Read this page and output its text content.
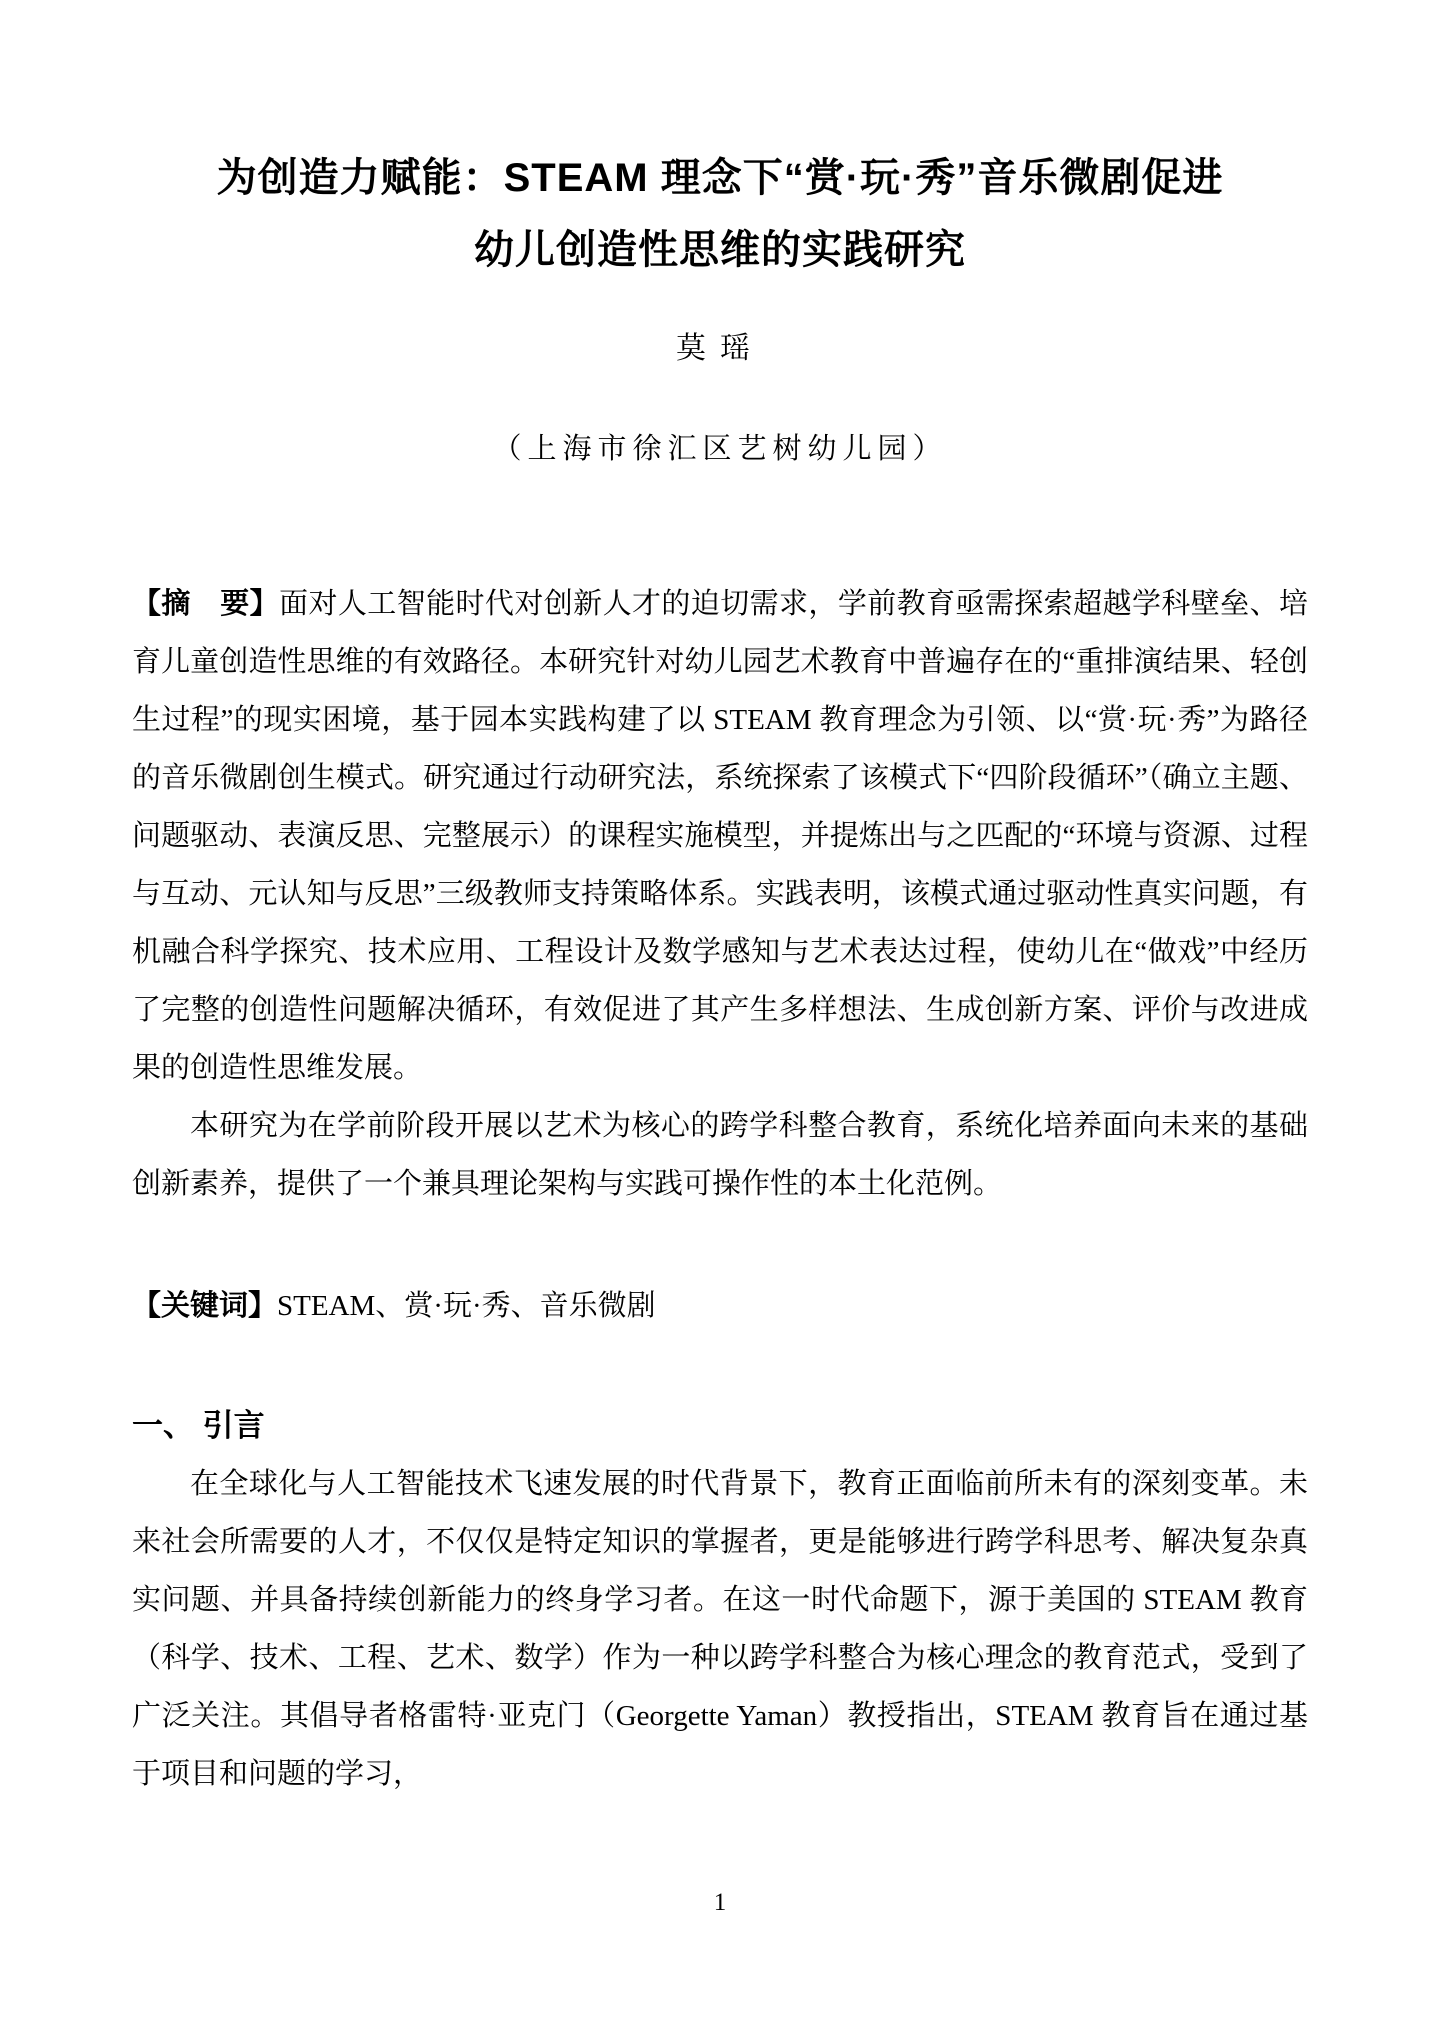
为创造力赋能：STEAM 理念下“赏·玩·秀”音乐微剧促进
幼儿创造性思维的实践研究
莫瑶
（上海市徐汇区艺树幼儿园）

【摘　要】面对人工智能时代对创新人才的迫切需求，学前教育亟需探索超越学科壁垒、培育儿童创造性思维的有效路径。本研究针对幼儿园艺术教育中普遍存在的“重排演结果、轻创生过程”的现实困境，基于园本实践构建了以 STEAM 教育理念为引领、以“赏·玩·秀”为路径的音乐微剧创生模式。研究通过行动研究法，系统探索了该模式下“四阶段循环”（确立主题、问题驱动、表演反思、完整展示）的课程实施模型，并提炼出与之匹配的“环境与资源、过程与互动、元认知与反思”三级教师支持策略体系。实践表明，该模式通过驱动性真实问题，有机融合科学探究、技术应用、工程设计及数学感知与艺术表达过程，使幼儿在“做戏”中经历了完整的创造性问题解决循环，有效促进了其产生多样想法、生成创新方案、评价与改进成果的创造性思维发展。

本研究为在学前阶段开展以艺术为核心的跨学科整合教育，系统化培养面向未来的基础创新素养，提供了一个兼具理论架构与实践可操作性的本土化范例。

【关键词】STEAM、赏·玩·秀、音乐微剧

一、 引言

在全球化与人工智能技术飞速发展的时代背景下，教育正面临前所未有的深刻变革。未来社会所需要的人才，不仅仅是特定知识的掌握者，更是能够进行跨学科思考、解决复杂真实问题、并具备持续创新能力的终身学习者。在这一时代命题下，源于美国的 STEAM 教育（科学、技术、工程、艺术、数学）作为一种以跨学科整合为核心理念的教育范式，受到了广泛关注。其倡导者格雷特·亚克门（Georgette Yaman）教授指出，STEAM 教育旨在通过基于项目和问题的学习，

1
